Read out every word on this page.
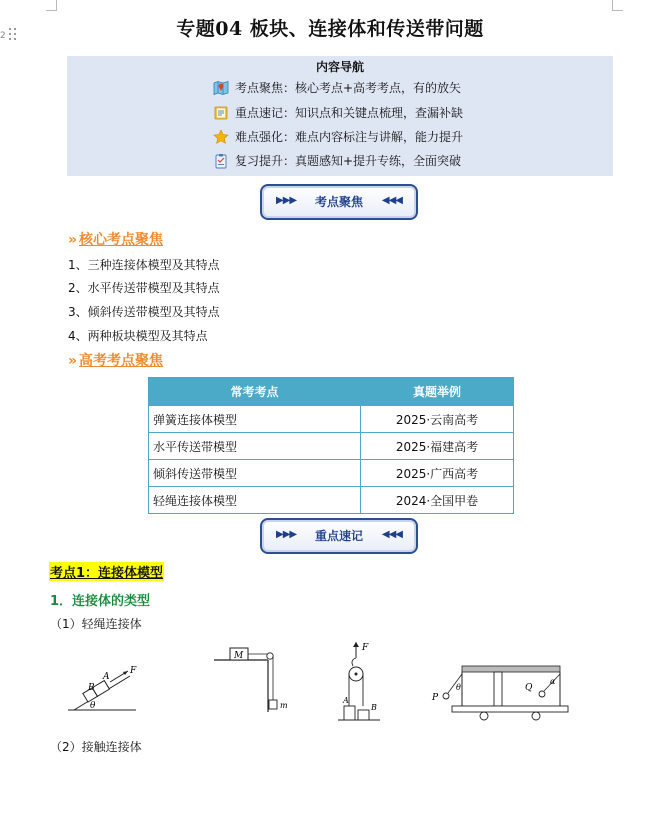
2	专题04 板块、连接体和传送带问题
内容导航
考点聚焦：核心考点+高考考点，有的放矢
重点速记：知识点和关键点梳理，查漏补缺
难点强化：难点内容标注与讲解，能力提升
复习提升：真题感知+提升专练，全面突破
▶▶▶	考点聚焦	◀◀◀
» 核心考点聚焦
1、三种连接体模型及其特点
2、水平传送带模型及其特点
3、倾斜传送带模型及其特点
4、两种板块模型及其特点
» 高考考点聚焦
常考考点	真题举例
弹簧连接体模型	2025·云南高考
水平传送带模型	2025·福建高考
倾斜传送带模型	2025·广西高考
轻绳连接体模型	2024·全国甲卷
▶▶▶	重点速记	◀◀◀
考点1：连接体模型
1．连接体的类型
（1）轻绳连接体
B
A
F
θ
M
m
F
A
B
P
θ	Q
α
（2）接触连接体
